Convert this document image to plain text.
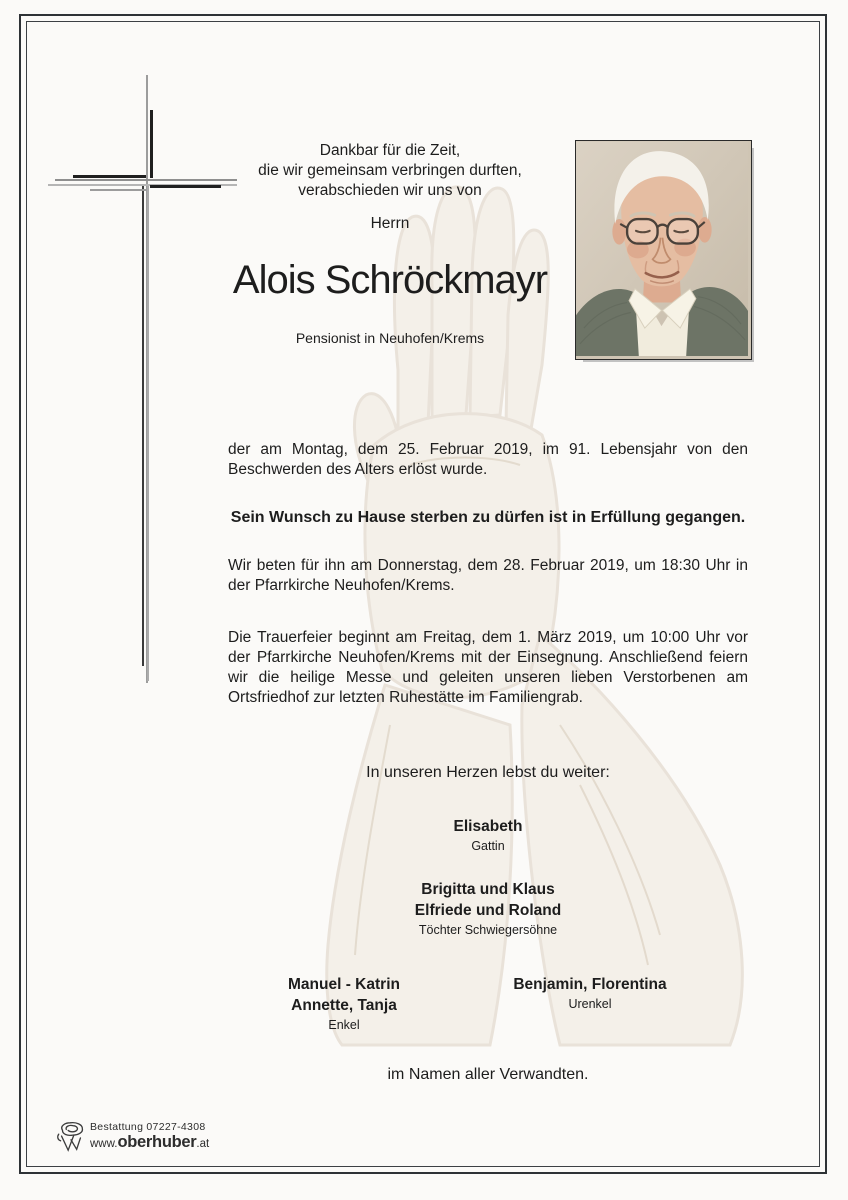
Dankbar für die Zeit,
die wir gemeinsam verbringen durften,
verabschieden wir uns von
Herrn
Alois Schröckmayr
Pensionist in Neuhofen/Krems

der am Montag, dem 25. Februar 2019, im 91. Lebensjahr von den Beschwerden des Alters erlöst wurde.

Sein Wunsch zu Hause sterben zu dürfen ist in Erfüllung gegangen.

Wir beten für ihn am Donnerstag, dem 28. Februar 2019, um 18:30 Uhr in der Pfarrkirche Neuhofen/Krems.

Die Trauerfeier beginnt am Freitag, dem 1. März 2019, um 10:00 Uhr vor der Pfarrkirche Neuhofen/Krems mit der Einsegnung. Anschließend feiern wir die heilige Messe und geleiten unseren lieben Verstorbenen am Ortsfriedhof zur letzten Ruhestätte im Familiengrab.

In unseren Herzen lebst du weiter:
Elisabeth
Gattin
Brigitta und Klaus
Elfriede und Roland
Töchter Schwiegersöhne
Manuel - Katrin
Annette, Tanja
Enkel
Benjamin, Florentina
Urenkel
im Namen aller Verwandten.
Bestattung 07227-4308
www.oberhuber.at
